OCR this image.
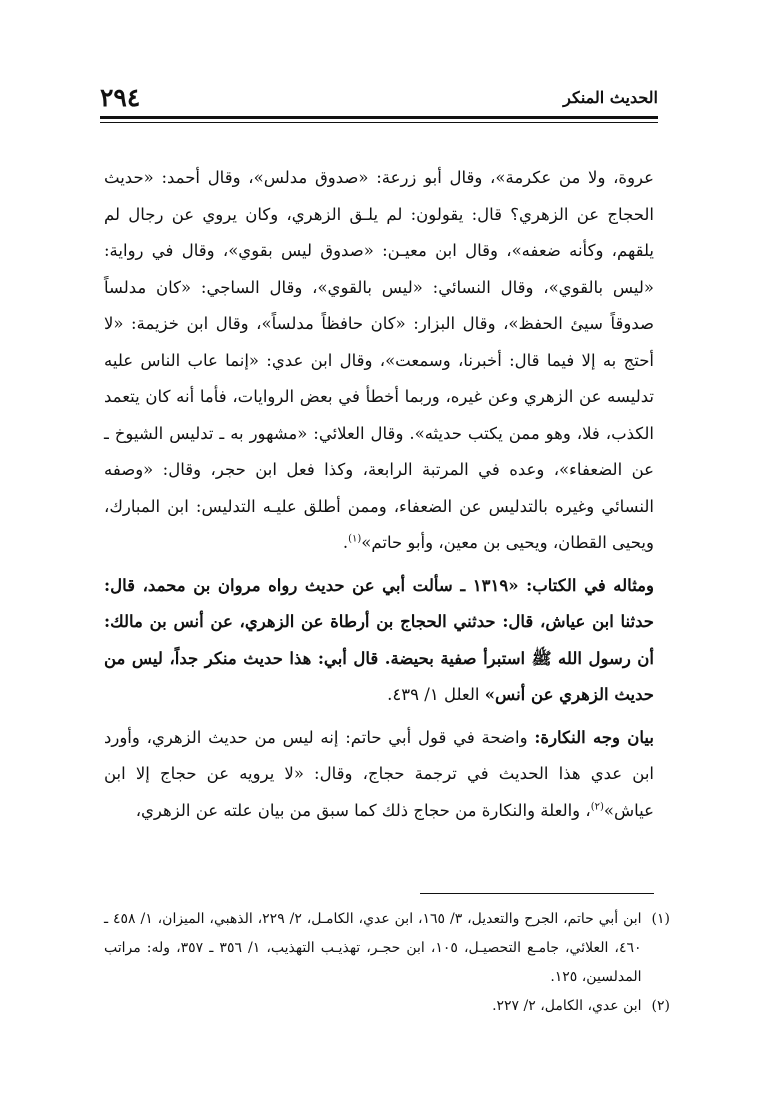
٢٩٤	الحديث المنكر

عروة، ولا من عكرمة»، وقال أبو زرعة: «صدوق مدلس»، وقال أحمد: «حديث الحجاج عن الزهري؟ قال: يقولون: لم يلـق الزهري، وكان يروي عن رجال لم يلقهم، وكأنه ضعفه»، وقال ابن معيـن: «صدوق ليس بقوي»، وقال في رواية: «ليس بالقوي»، وقال النسائي: «ليس بالقوي»، وقال الساجي: «كان مدلساً صدوقاً سيئ الحفظ»، وقال البزار: «كان حافظاً مدلساً»، وقال ابن خزيمة: «لا أحتج به إلا فيما قال: أخبرنا، وسمعت»، وقال ابن عدي: «إنما عاب الناس عليه تدليسه عن الزهري وعن غيره، وربما أخطأ في بعض الروايات، فأما أنه كان يتعمد الكذب، فلا، وهو ممن يكتب حديثه». وقال العلائي: «مشهور به ـ تدليس الشيوخ ـ عن الضعفاء»، وعده في المرتبة الرابعة، وكذا فعل ابن حجر، وقال: «وصفه النسائي وغيره بالتدليس عن الضعفاء، وممن أطلق عليـه التدليس: ابن المبارك، ويحيى القطان، ويحيى بن معين، وأبو حاتم»$^{(١)}$.

ومثاله في الكتاب: «١٣١٩ ـ سألت أبي عن حديث رواه مروان بن محمد، قال: حدثنا ابن عياش، قال: حدثني الحجاج بن أرطاة عن الزهري، عن أنس بن مالك: أن رسول الله ﷺ استبرأ صفية بحيضة. قال أبي: هذا حديث منكر جداً، ليس من حديث الزهري عن أنس» العلل ١/ ٤٣٩.

بيان وجه النكارة: واضحة في قول أبي حاتم: إنه ليس من حديث الزهري، وأورد ابن عدي هذا الحديث في ترجمة حجاج، وقال: «لا يرويه عن حجاج إلا ابن عياش»$^{(٢)}$، والعلة والنكارة من حجاج ذلك كما سبق من بيان علته عن الزهري،

(١)
ابن أبي حاتم، الجرح والتعديل، ٣/ ١٦٥، ابن عدي، الكامـل، ٢/ ٢٢٩، الذهبي، الميزان، ١/ ٤٥٨ ـ ٤٦٠، العلائي، جامـع التحصيـل، ١٠٥، ابن حجـر، تهذيـب التهذيب، ١/ ٣٥٦ ـ ٣٥٧، وله: مراتب المدلسين، ١٢٥.

(٢)
ابن عدي، الكامل، ٢/ ٢٢٧.
